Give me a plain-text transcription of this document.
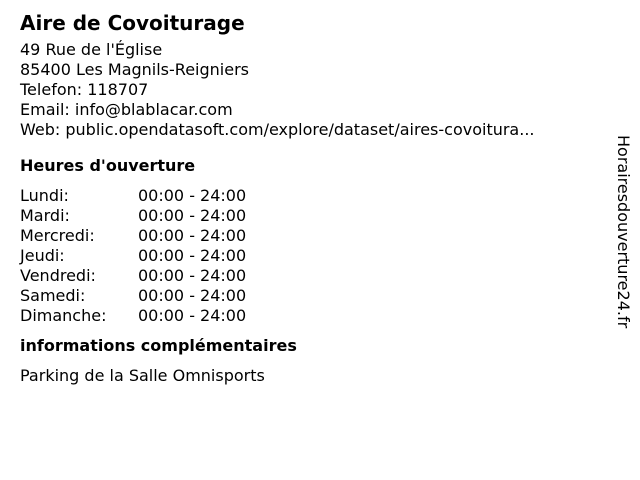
Aire de Covoiturage
49 Rue de l'Église
85400 Les Magnils-Reigniers
Telefon: 118707
Email: info@blablacar.com
Web: public.opendatasoft.com/explore/dataset/aires-covoitura...
Heures d'ouverture
Lundi:	00:00 - 24:00
Mardi:	00:00 - 24:00
Mercredi:	00:00 - 24:00
Jeudi:	00:00 - 24:00
Vendredi:	00:00 - 24:00
Samedi:	00:00 - 24:00
Dimanche:	00:00 - 24:00
informations complémentaires
Parking de la Salle Omnisports
Horairesdouverture24.fr
